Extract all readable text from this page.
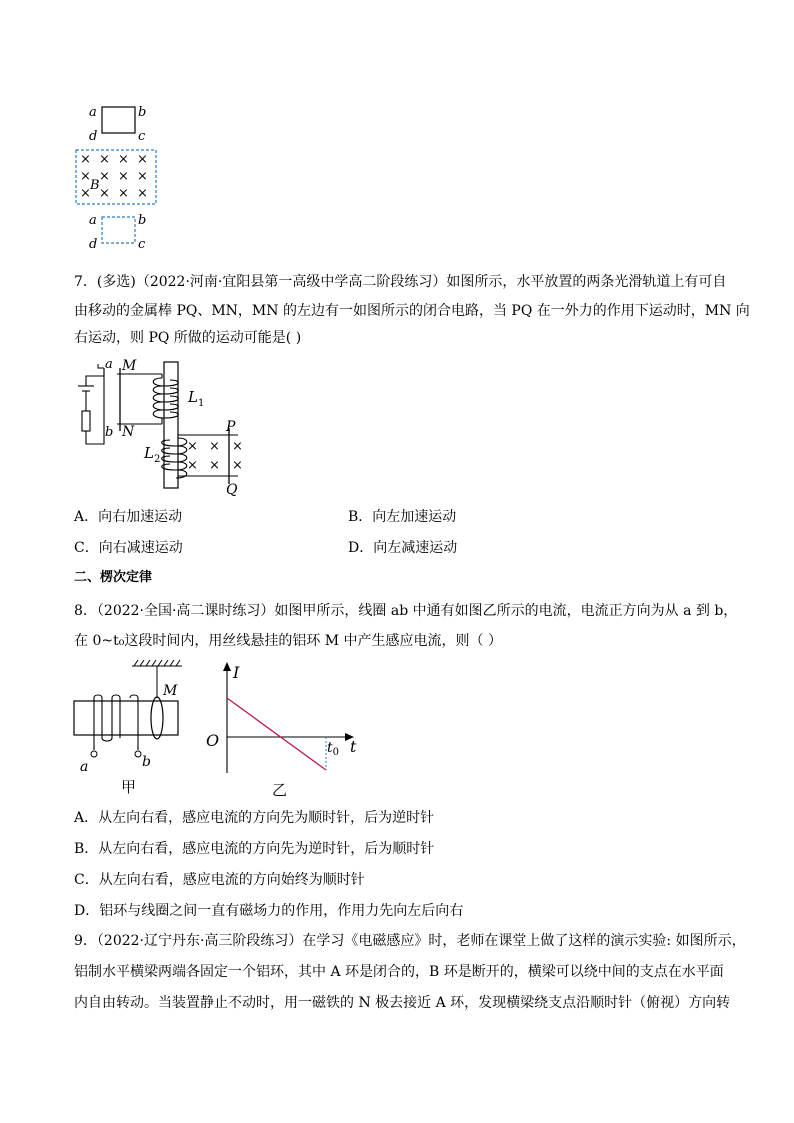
a	b
c
d
× × × ×
× × × ×
× × × ×
B
a	b
c
d
7．(多选)（2022·河南·宜阳县第一高级中学高二阶段练习）如图所示，水平放置的两条光滑轨道上有可自
由移动的金属棒 PQ、MN，MN 的左边有一如图所示的闭合电路，当 PQ 在一外力的作用下运动时，MN 向
右运动，则 PQ 所做的运动可能是( )
a
b
M
N
$L_1$
$L_2$
P
Q
× × ×
× × ×
A．向右加速运动	B．向左加速运动
C．向右减速运动	D．向左减速运动
二、楞次定律
8．（2022·全国·高二课时练习）如图甲所示，线圈 ab 中通有如图乙所示的电流，电流正方向为从 a 到 b，
在 0~t₀这段时间内，用丝线悬挂的铝环 M 中产生感应电流，则（ ）
M
a	b
甲
I
O	t
$t_0$
乙
A．从左向右看，感应电流的方向先为顺时针，后为逆时针
B．从左向右看，感应电流的方向先为逆时针，后为顺时针
C．从左向右看，感应电流的方向始终为顺时针
D．铝环与线圈之间一直有磁场力的作用，作用力先向左后向右
9．（2022·辽宁丹东·高三阶段练习）在学习《电磁感应》时，老师在课堂上做了这样的演示实验: 如图所示，
铝制水平横梁两端各固定一个铝环，其中 A 环是闭合的，B 环是断开的，横梁可以绕中间的支点在水平面
内自由转动。当装置静止不动时，用一磁铁的 N 极去接近 A 环，发现横梁绕支点沿顺时针（俯视）方向转
